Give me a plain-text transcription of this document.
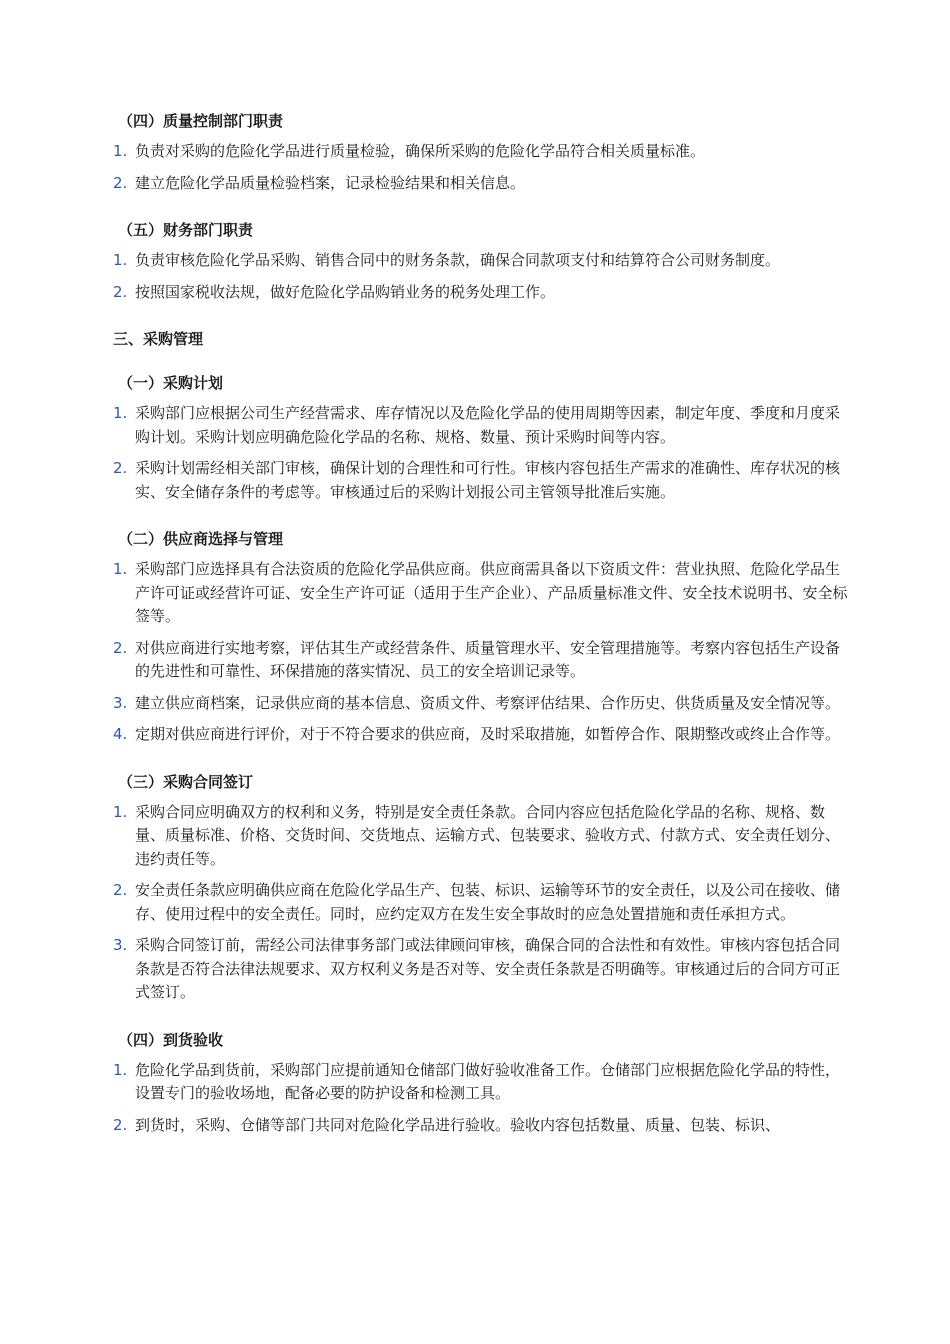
（四）质量控制部门职责
1. 负责对采购的危险化学品进行质量检验，确保所采购的危险化学品符合相关质量标准。
2. 建立危险化学品质量检验档案，记录检验结果和相关信息。
（五）财务部门职责
1. 负责审核危险化学品采购、销售合同中的财务条款，确保合同款项支付和结算符合公司财务制度。
2. 按照国家税收法规，做好危险化学品购销业务的税务处理工作。
三、采购管理
（一）采购计划
1. 采购部门应根据公司生产经营需求、库存情况以及危险化学品的使用周期等因素，制定年度、季度和月度采购计划。采购计划应明确危险化学品的名称、规格、数量、预计采购时间等内容。
2. 采购计划需经相关部门审核，确保计划的合理性和可行性。审核内容包括生产需求的准确性、库存状况的核实、安全储存条件的考虑等。审核通过后的采购计划报公司主管领导批准后实施。
（二）供应商选择与管理
1. 采购部门应选择具有合法资质的危险化学品供应商。供应商需具备以下资质文件：营业执照、危险化学品生产许可证或经营许可证、安全生产许可证（适用于生产企业）、产品质量标准文件、安全技术说明书、安全标签等。
2. 对供应商进行实地考察，评估其生产或经营条件、质量管理水平、安全管理措施等。考察内容包括生产设备的先进性和可靠性、环保措施的落实情况、员工的安全培训记录等。
3. 建立供应商档案，记录供应商的基本信息、资质文件、考察评估结果、合作历史、供货质量及安全情况等。
4. 定期对供应商进行评价，对于不符合要求的供应商，及时采取措施，如暂停合作、限期整改或终止合作等。
（三）采购合同签订
1. 采购合同应明确双方的权利和义务，特别是安全责任条款。合同内容应包括危险化学品的名称、规格、数量、质量标准、价格、交货时间、交货地点、运输方式、包装要求、验收方式、付款方式、安全责任划分、违约责任等。
2. 安全责任条款应明确供应商在危险化学品生产、包装、标识、运输等环节的安全责任，以及公司在接收、储存、使用过程中的安全责任。同时，应约定双方在发生安全事故时的应急处置措施和责任承担方式。
3. 采购合同签订前，需经公司法律事务部门或法律顾问审核，确保合同的合法性和有效性。审核内容包括合同条款是否符合法律法规要求、双方权利义务是否对等、安全责任条款是否明确等。审核通过后的合同方可正式签订。
（四）到货验收
1. 危险化学品到货前，采购部门应提前通知仓储部门做好验收准备工作。仓储部门应根据危险化学品的特性，设置专门的验收场地，配备必要的防护设备和检测工具。
2. 到货时，采购、仓储等部门共同对危险化学品进行验收。验收内容包括数量、质量、包装、标识、
